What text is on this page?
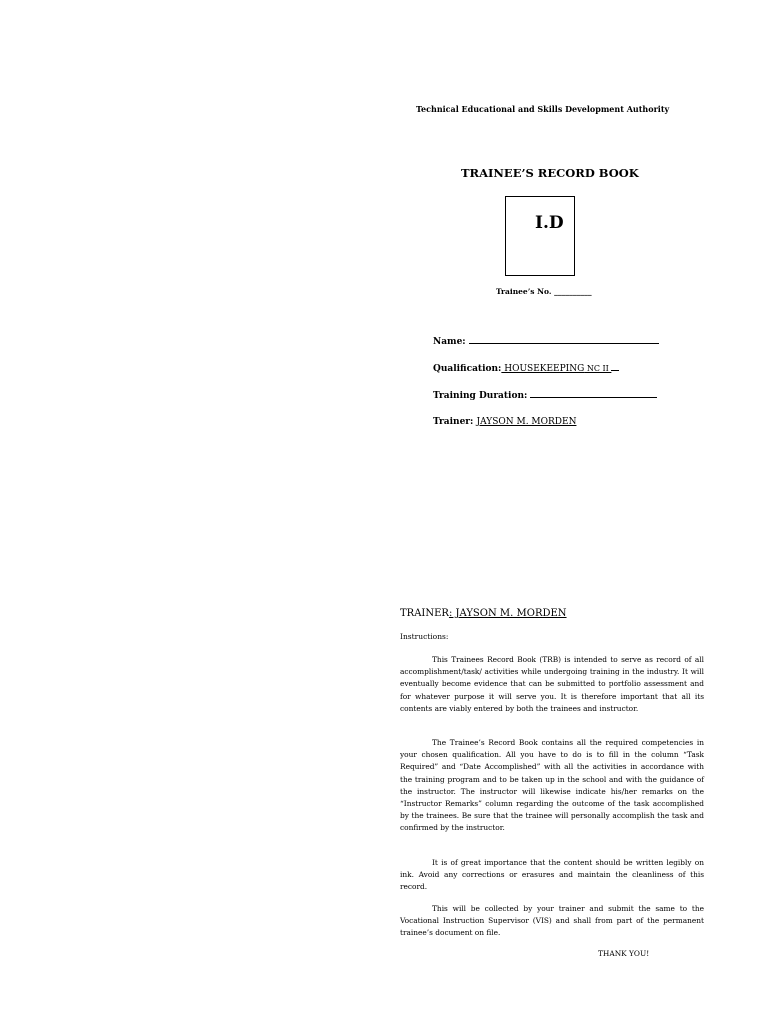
Technical Educational and Skills Development Authority
TRAINEE’S RECORD BOOK
I.D
Trainee’s No. __________
Name:
Qualification: HOUSEKEEPING NC II
Training Duration:
Trainer: JAYSON M. MORDEN
TRAINER: JAYSON M. MORDEN
Instructions:
This Trainees Record Book (TRB) is intended to serve as record of all accomplishment/task/ activities while undergoing training in the industry. It will eventually become evidence that can be submitted to portfolio assessment and for whatever purpose it will serve you. It is therefore important that all its contents are viably entered by both the trainees and instructor.
The Trainee’s Record Book contains all the required competencies in your chosen qualification. All you have to do is to fill in the column “Task Required” and “Date Accomplished” with all the activities in accordance with the training program and to be taken up in the school and with the guidance of the instructor. The instructor will likewise indicate his/her remarks on the “Instructor Remarks” column regarding the outcome of the task accomplished by the trainees. Be sure that the trainee will personally accomplish the task and confirmed by the instructor.
It is of great importance that the content should be written legibly on ink. Avoid any corrections or erasures and maintain the cleanliness of this record.
This will be collected by your trainer and submit the same to the Vocational Instruction Supervisor (VIS) and shall from part of the permanent trainee’s document on file.
THANK YOU!
